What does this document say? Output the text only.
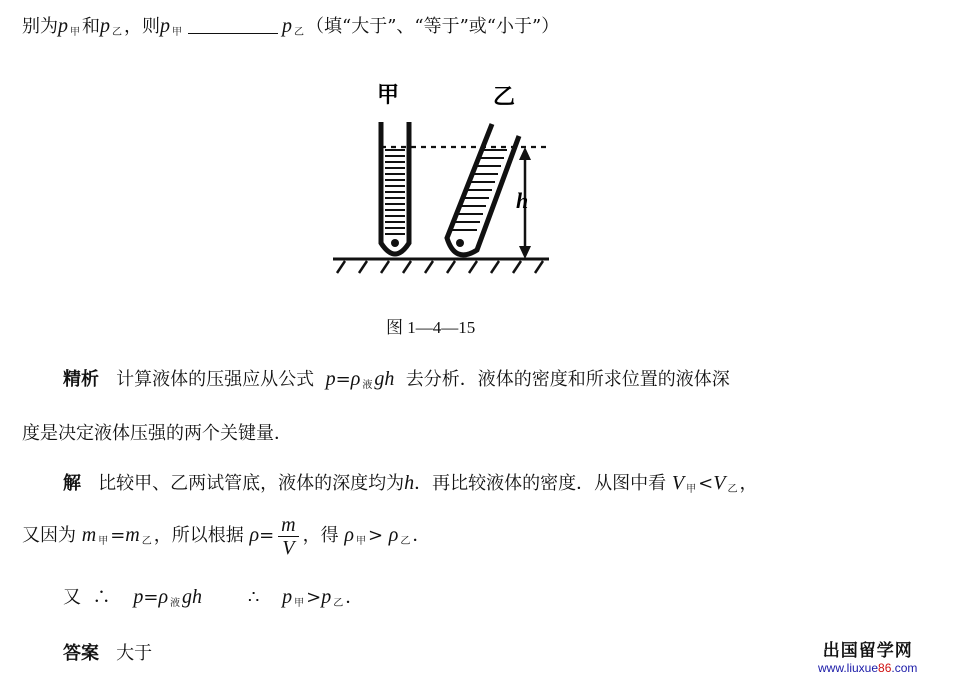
别为p 甲 和p 乙 ，则p 甲	p 乙 （填“大于”、“等于”或“小于”）
甲	乙
h
图 1—4—15
精析 计算液体的压强应从公式 p=ρ 液 gh 去分析．液体的密度和所求位置的液体深
度是决定液体压强的两个关键量．
解 比较甲、乙两试管底，液体的深度均为h．再比较液体的密度．从图中看 V 甲 <V 乙 ，
又因为 m 甲 =m 乙 ，所以根据 $\rho= \frac{m}{V}$ ，得 ρ 甲 > ρ 乙 ．
又 ∴ p=ρ 液 gh	∴ p 甲 >p 乙 ．
答案 大于	出国留学网
www.liuxue86.com
